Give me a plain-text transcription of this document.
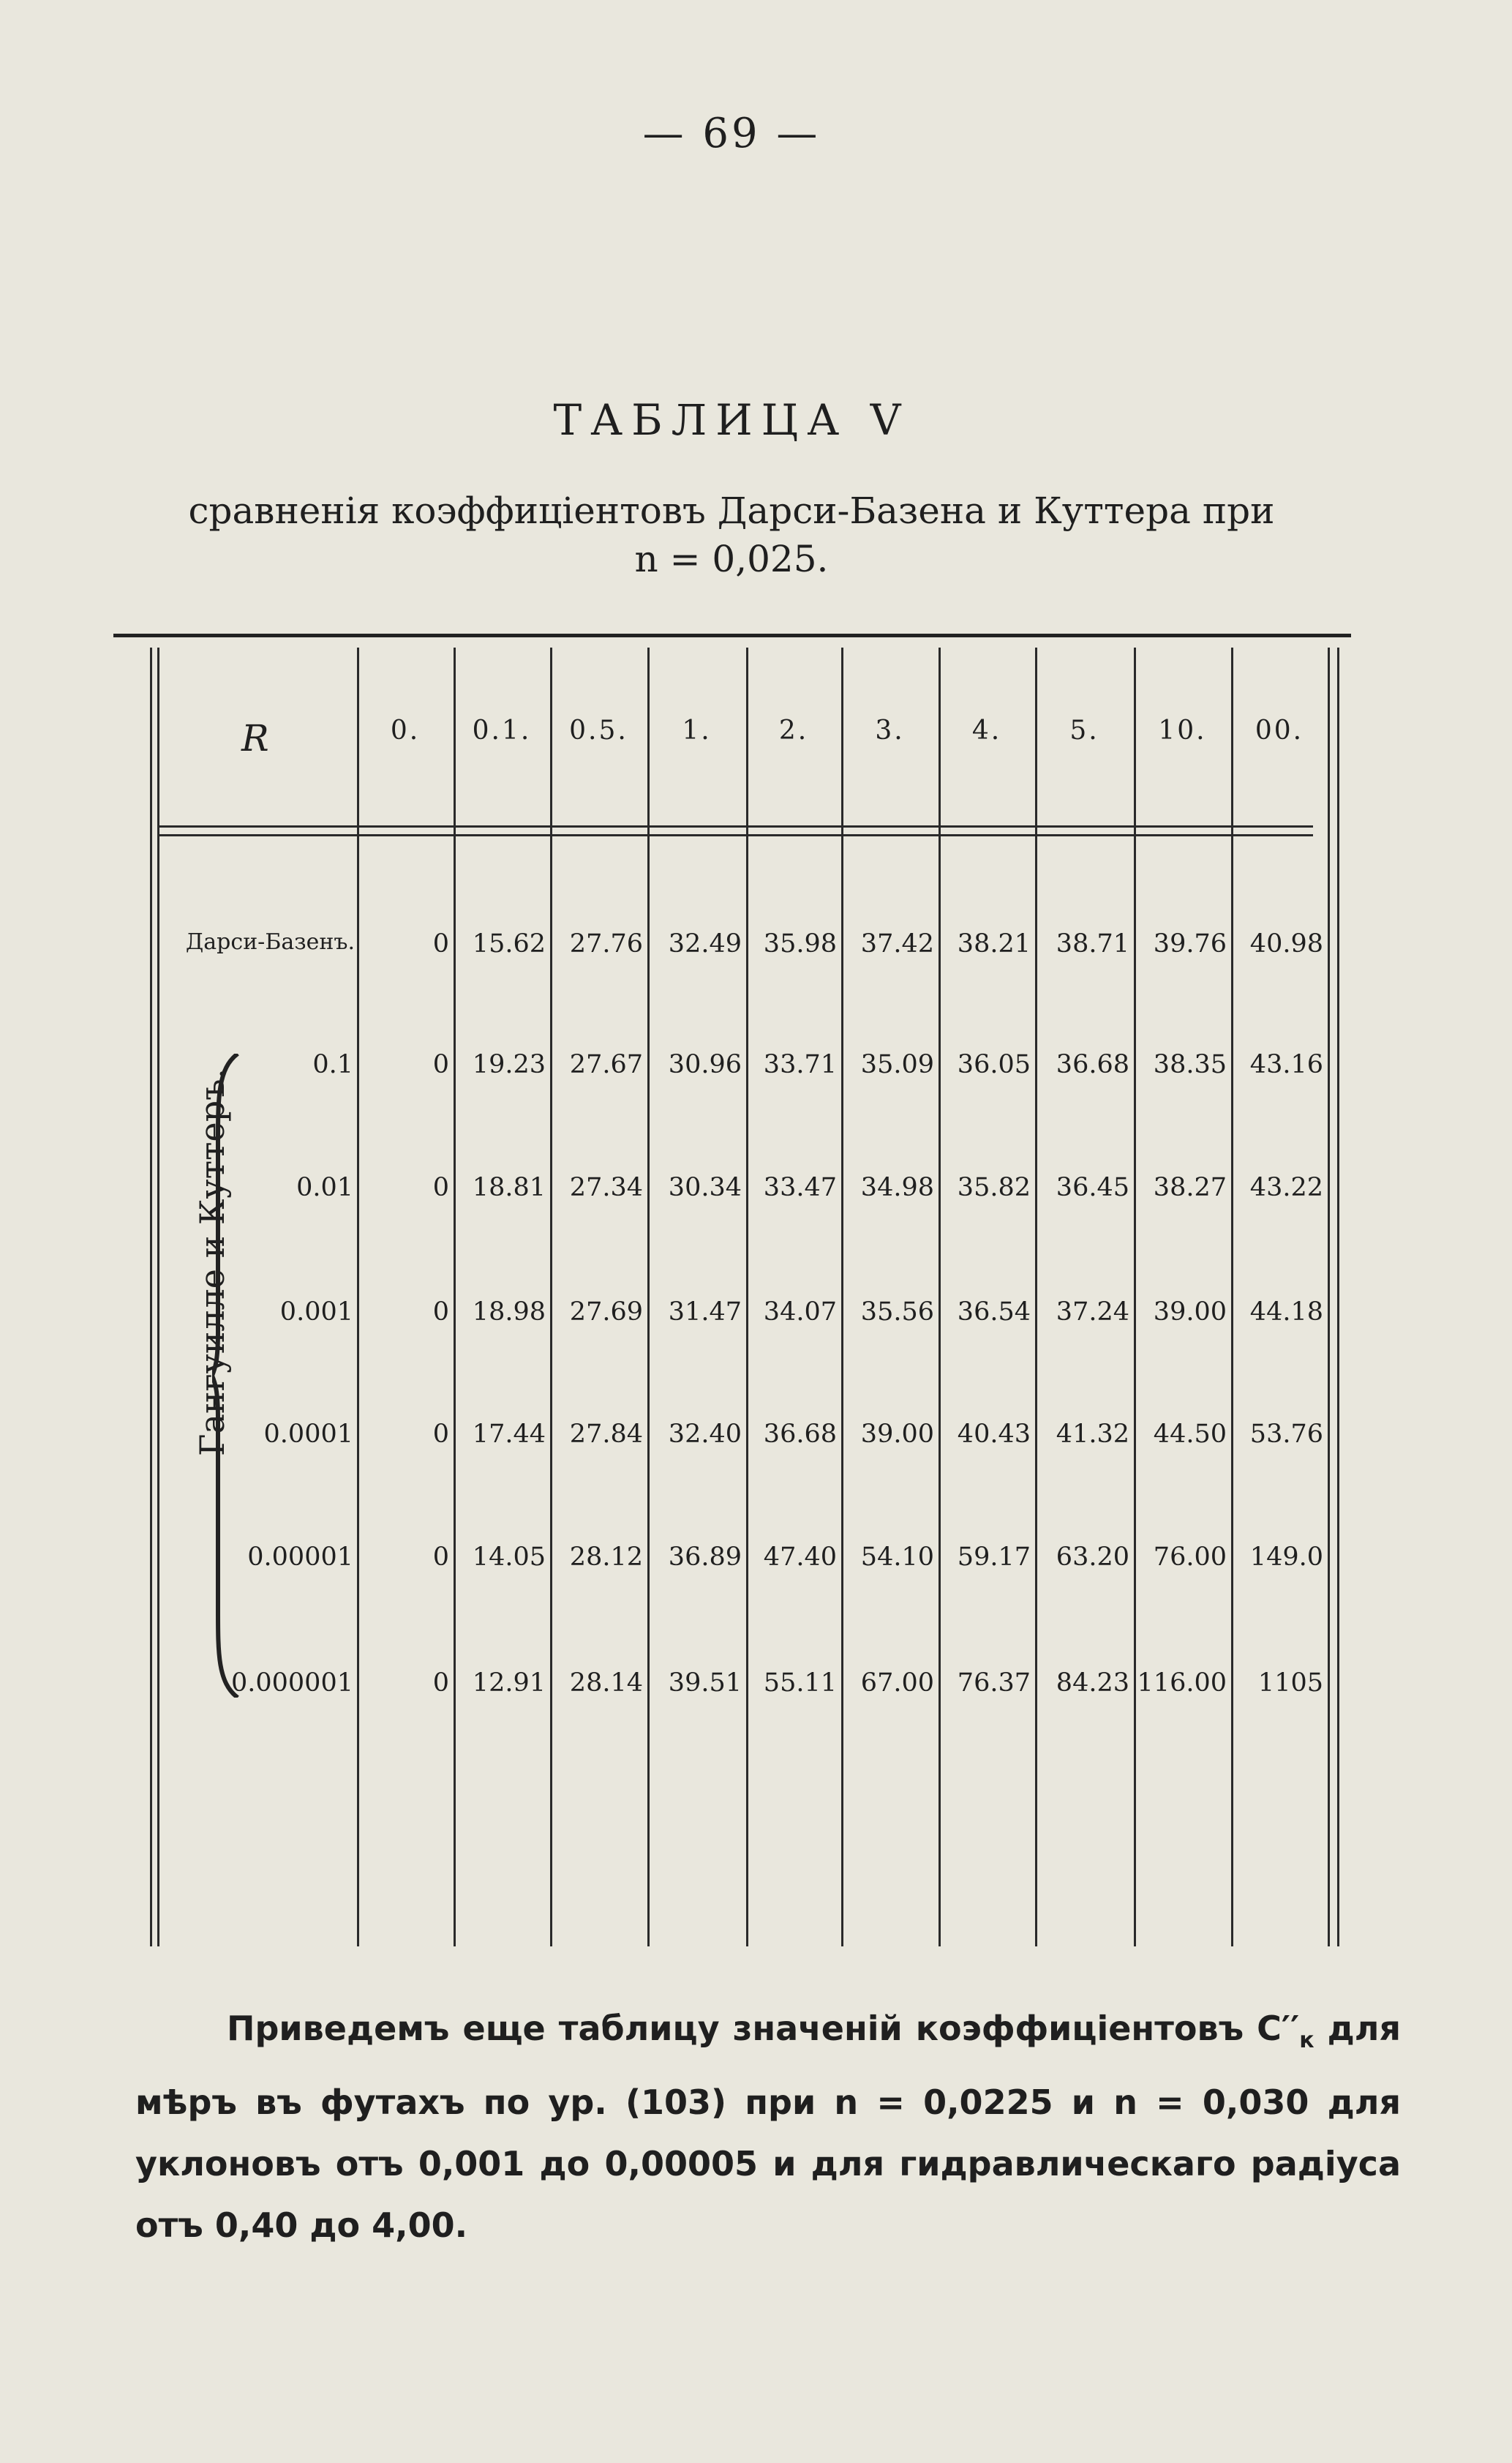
— 69 —
ТАБЛИЦА V
сравненія коэффиціентовъ Дарси-Базена и Куттера при
n = 0,025.
R
Гангуилле и Куттеръ.
0.	0.1.	0.5.	1.	2.	3.	4.	5.	10.	00.
Дарси-Базенъ.	0 15.62 27.76 32.49 35.98 37.42 38.21 38.71 39.76 40.98
0.1	0 19.23 27.67 30.96 33.71 35.09 36.05 36.68 38.35 43.16
0.01	0 18.81 27.34 30.34 33.47 34.98 35.82 36.45 38.27 43.22
0.001	0 18.98 27.69 31.47 34.07 35.56 36.54 37.24 39.00 44.18
0.0001	0 17.44 27.84 32.40 36.68 39.00 40.43 41.32 44.50 53.76
0.00001	0 14.05 28.12 36.89 47.40 54.10 59.17 63.20 76.00 149.0
0.000001	0 12.91 28.14 39.51 55.11 67.00 76.37 84.23 116.00	1105
Приведемъ еще таблицу значеній коэффиціентовъ $C''_к$ для мѣръ въ футахъ по ур. (103) при n = 0,0225 и n = 0,030 для уклоновъ отъ 0,001 до 0,00005 и для гидравлическаго радіуса отъ 0,40 до 4,00.
